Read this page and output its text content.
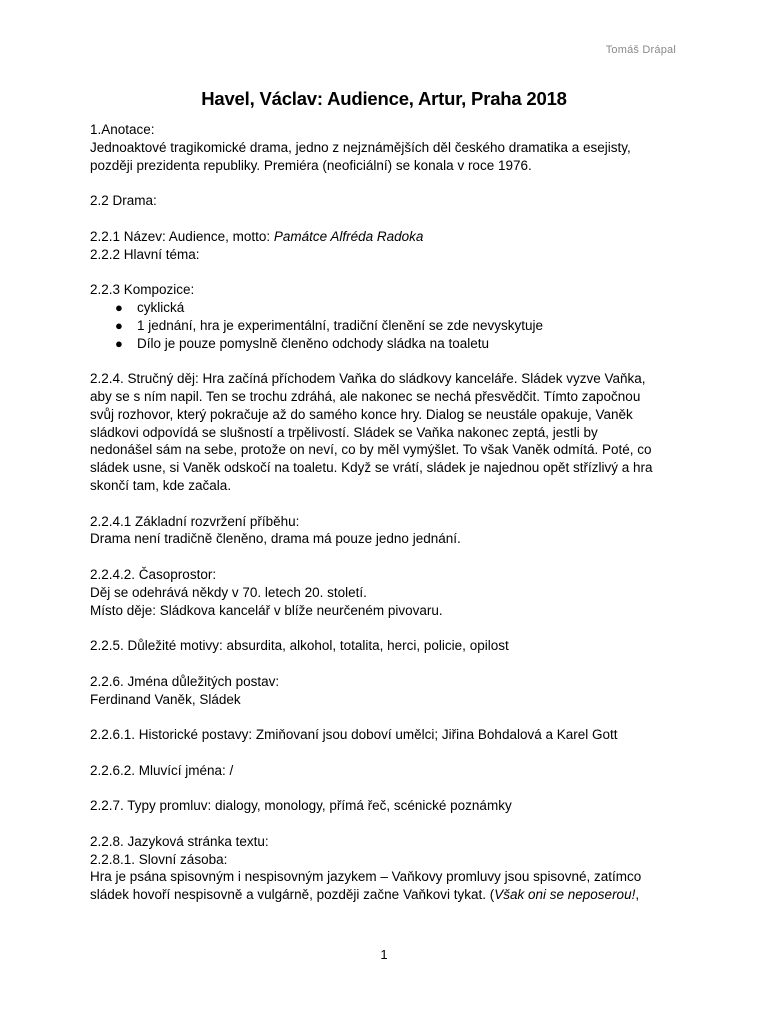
Tomáš Drápal
Havel, Václav: Audience, Artur, Praha 2018
1.Anotace:
Jednoaktové tragikomické drama, jedno z nejznámějších děl českého dramatika a esejisty,
později prezidenta republiky. Premiéra (neoficiální) se konala v roce 1976.
2.2 Drama:
2.2.1 Název: Audience, motto: Památce Alfréda Radoka
2.2.2 Hlavní téma:
2.2.3 Kompozice:
● cyklická
● 1 jednání, hra je experimentální, tradiční členění se zde nevyskytuje
● Dílo je pouze pomyslně členěno odchody sládka na toaletu
2.2.4. Stručný děj: Hra začíná příchodem Vaňka do sládkovy kanceláře. Sládek vyzve Vaňka,
aby se s ním napil. Ten se trochu zdráhá, ale nakonec se nechá přesvědčit. Tímto započnou
svůj rozhovor, který pokračuje až do samého konce hry. Dialog se neustále opakuje, Vaněk
sládkovi odpovídá se slušností a trpělivostí. Sládek se Vaňka nakonec zeptá, jestli by
nedonášel sám na sebe, protože on neví, co by měl vymýšlet. To však Vaněk odmítá. Poté, co
sládek usne, si Vaněk odskočí na toaletu. Když se vrátí, sládek je najednou opět střízlivý a hra
skončí tam, kde začala.
2.2.4.1 Základní rozvržení příběhu:
Drama není tradičně členěno, drama má pouze jedno jednání.
2.2.4.2. Časoprostor:
Děj se odehrává někdy v 70. letech 20. století.
Místo děje: Sládkova kancelář v blíže neurčeném pivovaru.
2.2.5. Důležité motivy: absurdita, alkohol, totalita, herci, policie, opilost
2.2.6. Jména důležitých postav:
Ferdinand Vaněk, Sládek
2.2.6.1. Historické postavy: Zmiňovaní jsou doboví umělci; Jiřina Bohdalová a Karel Gott
2.2.6.2. Mluvící jména: /
2.2.7. Typy promluv: dialogy, monology, přímá řeč, scénické poznámky
2.2.8. Jazyková stránka textu:
2.2.8.1. Slovní zásoba:
Hra je psána spisovným i nespisovným jazykem – Vaňkovy promluvy jsou spisovné, zatímco
sládek hovoří nespisovně a vulgárně, později začne Vaňkovi tykat. (Však oni se neposerou!,
1
